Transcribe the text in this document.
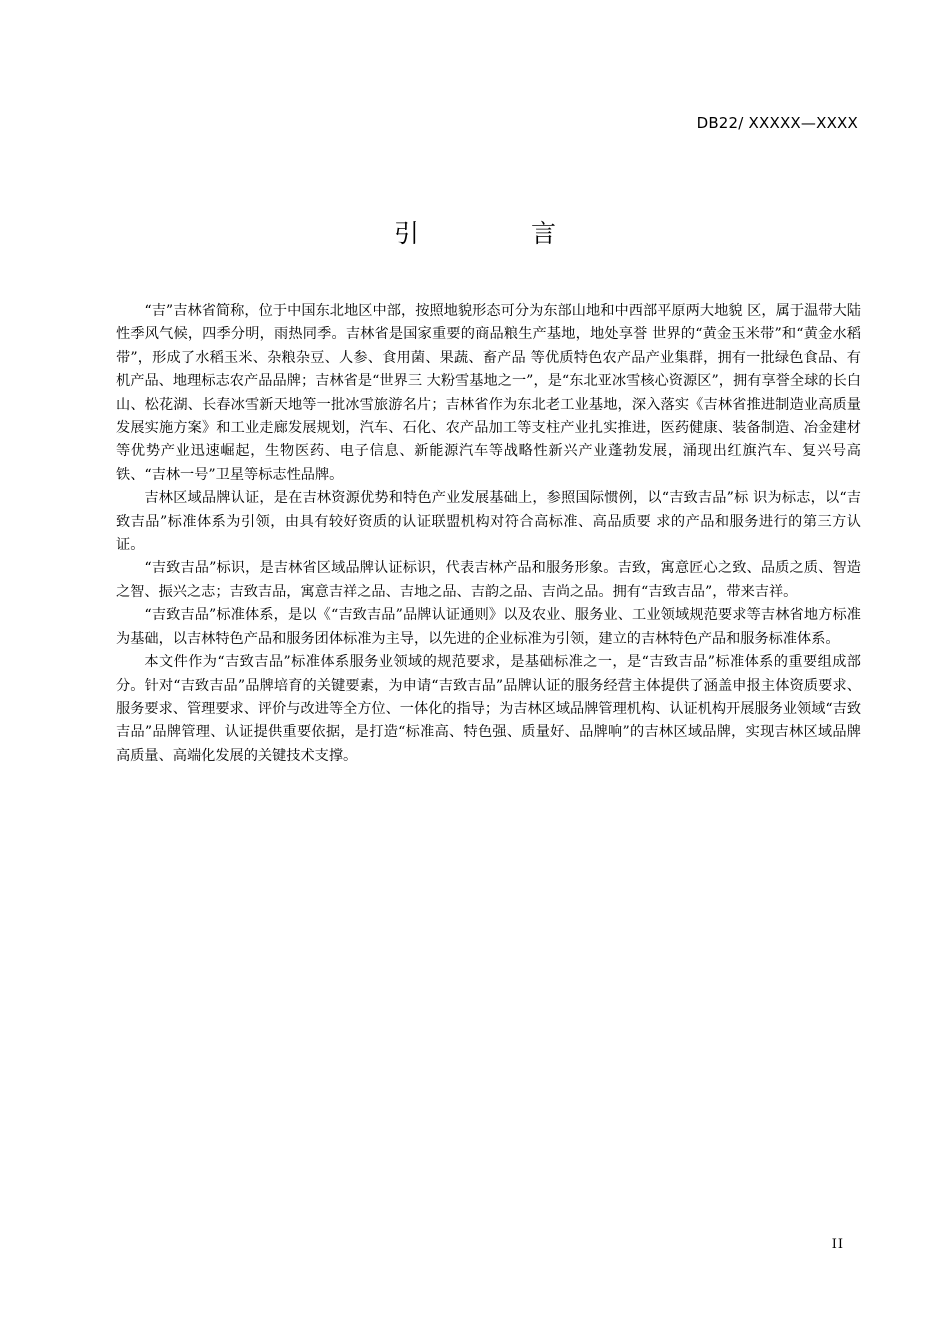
DB22/ XXXXX—XXXX
引 言

“吉”吉林省简称，位于中国东北地区中部，按照地貌形态可分为东部山地和中西部平原两大地貌 区，属于温带大陆性季风气候，四季分明，雨热同季。吉林省是国家重要的商品粮生产基地，地处享誉 世界的“黄金玉米带”和“黄金水稻带”，形成了水稻玉米、杂粮杂豆、人参、食用菌、果蔬、畜产品 等优质特色农产品产业集群，拥有一批绿色食品、有机产品、地理标志农产品品牌；吉林省是“世界三 大粉雪基地之一”，是“东北亚冰雪核心资源区”，拥有享誉全球的长白山、松花湖、长春冰雪新天地等一批冰雪旅游名片；吉林省作为东北老工业基地，深入落实《吉林省推进制造业高质量发展实施方案》和工业走廊发展规划，汽车、石化、农产品加工等支柱产业扎实推进，医药健康、装备制造、冶金建材 等优势产业迅速崛起，生物医药、电子信息、新能源汽车等战略性新兴产业蓬勃发展，涌现出红旗汽车、复兴号高铁、“吉林一号”卫星等标志性品牌。

吉林区域品牌认证，是在吉林资源优势和特色产业发展基础上，参照国际惯例，以“吉致吉品”标 识为标志，以“吉致吉品”标准体系为引领，由具有较好资质的认证联盟机构对符合高标准、高品质要 求的产品和服务进行的第三方认证。

“吉致吉品”标识，是吉林省区域品牌认证标识，代表吉林产品和服务形象。吉致，寓意匠心之致、品质之质、智造之智、振兴之志；吉致吉品，寓意吉祥之品、吉地之品、吉韵之品、吉尚之品。拥有“吉致吉品”，带来吉祥。

“吉致吉品”标准体系，是以《“吉致吉品”品牌认证通则》以及农业、服务业、工业领域规范要求等吉林省地方标准为基础，以吉林特色产品和服务团体标准为主导，以先进的企业标准为引领，建立的吉林特色产品和服务标准体系。

本文件作为“吉致吉品”标准体系服务业领域的规范要求，是基础标准之一，是“吉致吉品”标准体系的重要组成部分。针对“吉致吉品”品牌培育的关键要素，为申请“吉致吉品”品牌认证的服务经营主体提供了涵盖申报主体资质要求、服务要求、管理要求、评价与改进等全方位、一体化的指导；为吉林区域品牌管理机构、认证机构开展服务业领域“吉致吉品”品牌管理、认证提供重要依据，是打造“标准高、特色强、质量好、品牌响”的吉林区域品牌，实现吉林区域品牌高质量、高端化发展的关键技术支撑。

II
